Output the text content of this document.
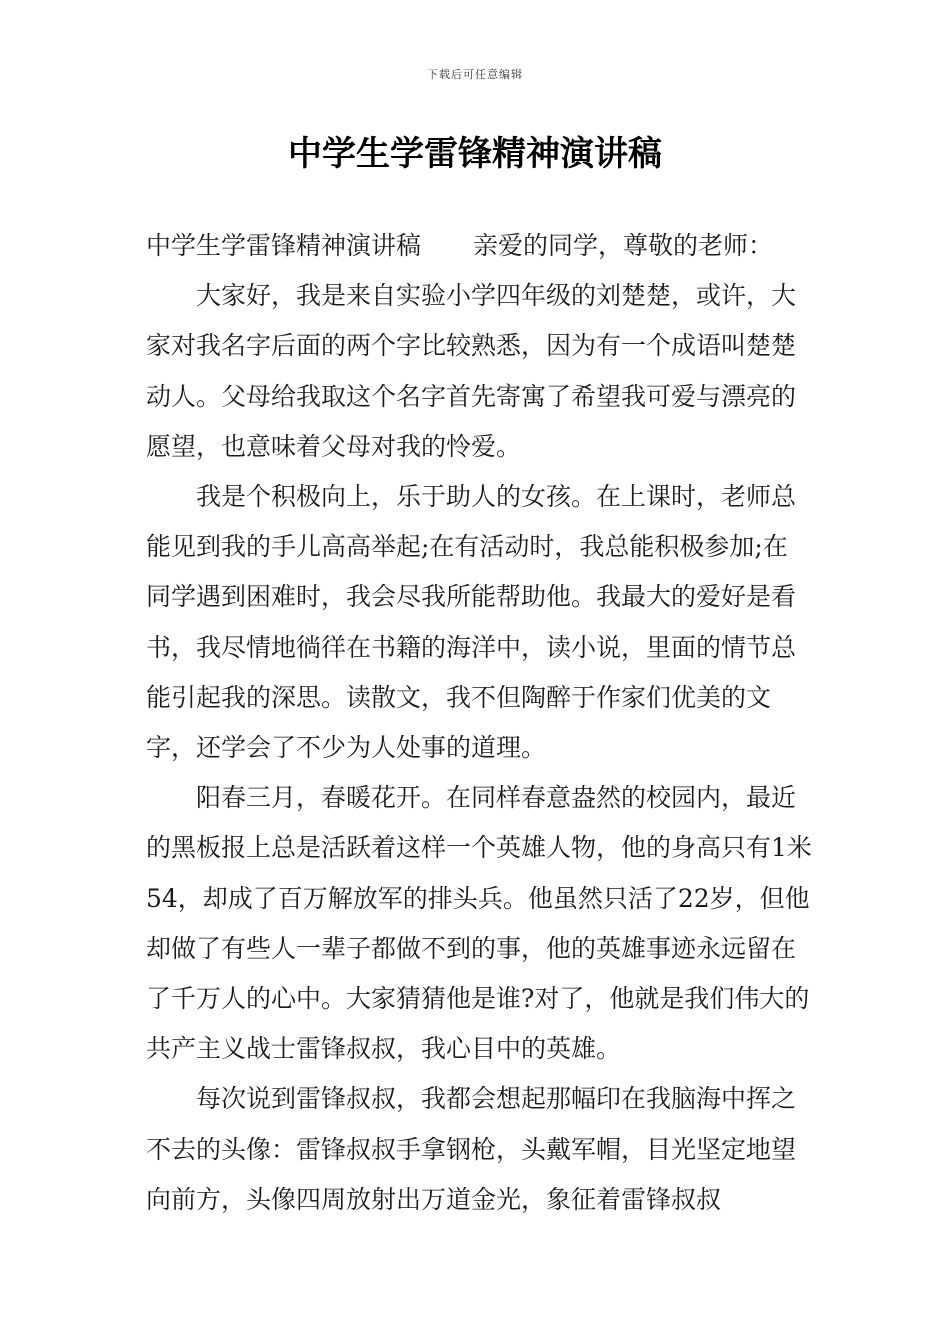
下载后可任意编辑
中学生学雷锋精神演讲稿

中学生学雷锋精神演讲稿 亲爱的同学，尊敬的老师：

大家好，我是来自实验小学四年级的刘楚楚，或许，大家对我名字后面的两个字比较熟悉，因为有一个成语叫楚楚动人。父母给我取这个名字首先寄寓了希望我可爱与漂亮的愿望，也意味着父母对我的怜爱。

我是个积极向上，乐于助人的女孩。在上课时，老师总能见到我的手儿高高举起;在有活动时，我总能积极参加;在同学遇到困难时，我会尽我所能帮助他。我最大的爱好是看书，我尽情地徜徉在书籍的海洋中，读小说，里面的情节总能引起我的深思。读散文，我不但陶醉于作家们优美的文字，还学会了不少为人处事的道理。

阳春三月，春暖花开。在同样春意盎然的校园内，最近的黑板报上总是活跃着这样一个英雄人物，他的身高只有1米54，却成了百万解放军的排头兵。他虽然只活了22岁，但他却做了有些人一辈子都做不到的事，他的英雄事迹永远留在了千万人的心中。大家猜猜他是谁?对了，他就是我们伟大的共产主义战士雷锋叔叔，我心目中的英雄。

每次说到雷锋叔叔，我都会想起那幅印在我脑海中挥之不去的头像：雷锋叔叔手拿钢枪，头戴军帽，目光坚定地望向前方，头像四周放射出万道金光，象征着雷锋叔叔
